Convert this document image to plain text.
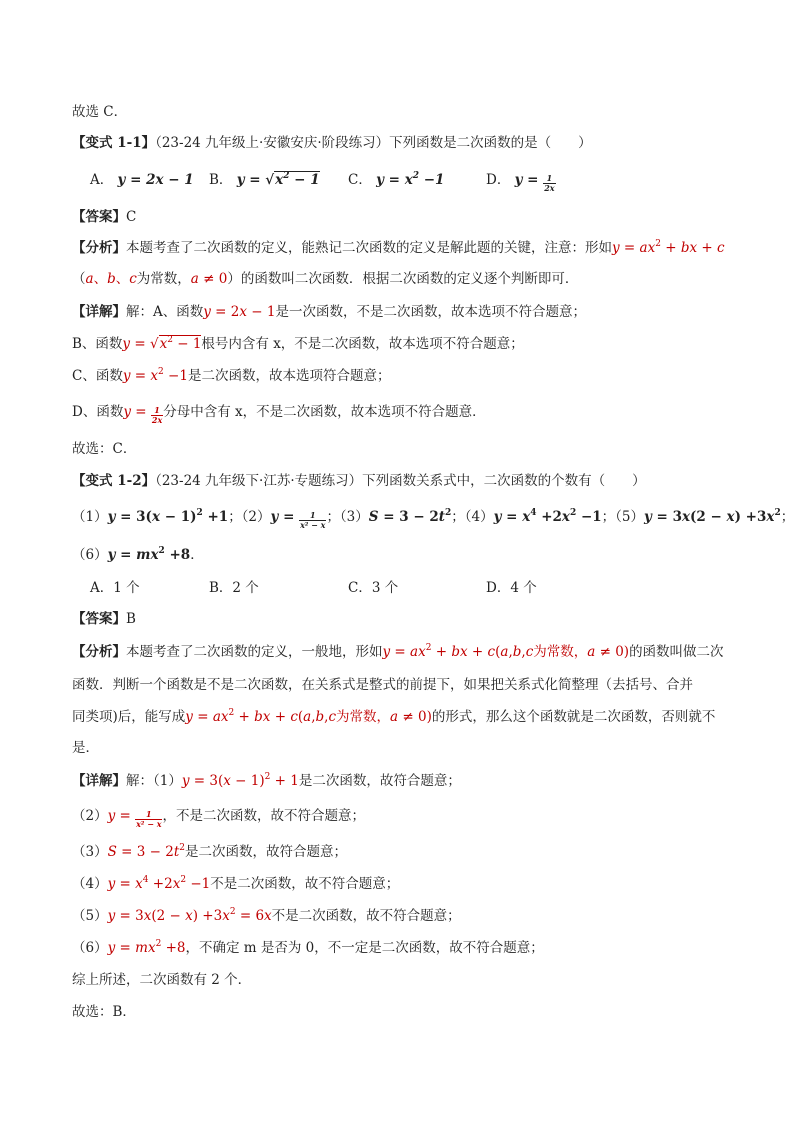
故选 C．
【变式 1-1】（23-24 九年级上·安徽安庆·阶段练习）下列函数是二次函数的是（　　）
A． y = 2x − 1 B． $y = √x^2 - 1$ C． $y = x^2 -1$	D． $y = \frac{1}{2x}$
【答案】C
【分析】本题考查了二次函数的定义，能熟记二次函数的定义是解此题的关键，注意：形如$y = ax^2$ + bx + c
（a、b、c为常数，a ≠ 0）的函数叫二次函数．根据二次函数的定义逐个判断即可．
【详解】解：A、函数y = 2x − 1是一次函数，不是二次函数，故本选项不符合题意；
B、函数$y = √x^2 - 1$根号内含有 x，不是二次函数，故本选项不符合题意；
C、函数$y = x^2 -1$是二次函数，故本选项符合题意；
D、函数$y = \frac{1}{2x}$ 分母中含有 x，不是二次函数，故本选项不符合题意．
故选：C．
【变式 1-2】（23-24 九年级下·江苏·专题练习）下列函数关系式中，二次函数的个数有（　　）
$(1)y = 3(x - 1)^2 +1$；$(2)y = \frac{1}{\text{x² − x}}$ ；$(3)S = 3 - 2t^2$；$(4)y = x^4 +2x^2 -1$；$(5)y = 3x(2 - x) +3x^2$；
$(6)y = mx^2 +8$．
A．1 个	B．2 个	C．3 个	D．4 个
【答案】B
【分析】本题考查了二次函数的定义，一般地，形如$y = ax^2$ + bx + c(a,b,c为常数，a ≠ 0)的函数叫做二次
函数．判断一个函数是不是二次函数，在关系式是整式的前提下，如果把关系式化简整理（去括号、合并
同类项)后，能写成$y = ax^2$ + bx + c(a,b,c为常数，a ≠ 0)的形式，那么这个函数就是二次函数，否则就不
是．
【详解】解：$(1)y = 3(x - 1)^2 + 1$是二次函数，故符合题意；
$(2)y = \frac{1}{\text{x² − x}}$ ，不是二次函数，故不符合题意；
$(3)S = 3 - 2t^2$是二次函数，故符合题意；
$(4)y = x^4 +2x^2 -1$不是二次函数，故不符合题意；
$(5)y = 3x(2 - x) +3x^2 = 6x$不是二次函数，故不符合题意；
$(6)y = mx^2 +8$，不确定 m 是否为 0，不一定是二次函数，故不符合题意；
综上所述，二次函数有 2 个．
故选：B．
